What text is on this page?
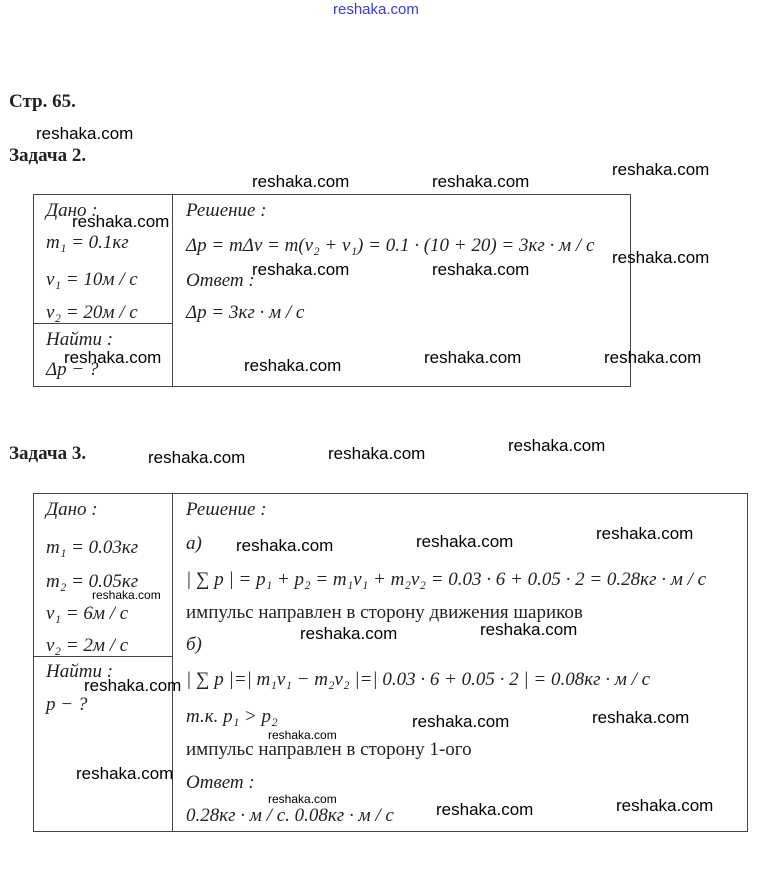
reshaka.com
Стр. 65.
Задача 2.
Задача 3.
Дано :
m₁ = 0.1кг
v₁ = 10м / с
v₂ = 20м / с
Найти :
Δp − ?
Решение :
Δp = mΔv = m(v₂ + v₁) = 0.1 · (10 + 20) = 3кг · м / с
Ответ :
Δp = 3кг · м / с
Дано :
m₁ = 0.03кг
m₂ = 0.05кг
v₁ = 6м / с
v₂ = 2м / с
Найти :
p − ?
Решение :
а)
| ∑ p | = p₁ + p₂ = m₁v₁ + m₂v₂ = 0.03 · 6 + 0.05 · 2 = 0.28кг · м / с
импульс направлен в сторону движения шариков
б)
| ∑ p |=| m₁v₁ − m₂v₂ |=| 0.03 · 6 + 0.05 · 2 | = 0.08кг · м / с
т.к. p₁ > p₂
импульс направлен в сторону 1-ого
Ответ :
0.28кг · м / с. 0.08кг · м / с
reshaka.com
reshaka.com	reshaka.com
reshaka.com
reshaka.com
reshaka.com	reshaka.com
reshaka.com
reshaka.com	reshaka.com	reshaka.com	reshaka.com
reshaka.com	reshaka.com	reshaka.com
reshaka.com	reshaka.com	reshaka.com
reshaka.com
reshaka.com	reshaka.com
reshaka.com
reshaka.com
reshaka.com	reshaka.com
reshaka.com
reshaka.com
reshaka.com	reshaka.com
